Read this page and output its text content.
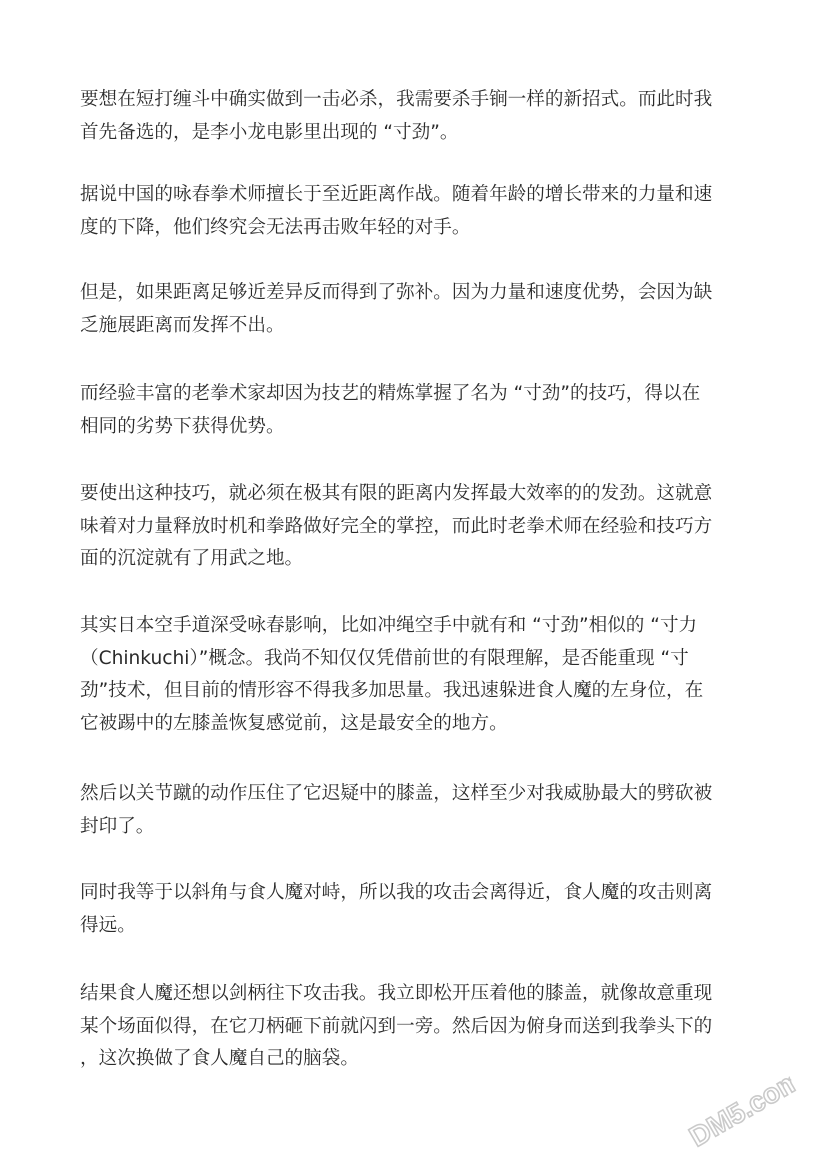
要想在短打缠斗中确实做到一击必杀，我需要杀手锏一样的新招式。而此时我
首先备选的，是李小龙电影里出现的 “寸劲”。

据说中国的咏春拳术师擅长于至近距离作战。随着年龄的增长带来的力量和速
度的下降，他们终究会无法再击败年轻的对手。

但是，如果距离足够近差异反而得到了弥补。因为力量和速度优势，会因为缺
乏施展距离而发挥不出。

而经验丰富的老拳术家却因为技艺的精炼掌握了名为 “寸劲”的技巧，得以在
相同的劣势下获得优势。

要使出这种技巧，就必须在极其有限的距离内发挥最大效率的的发劲。这就意
味着对力量释放时机和拳路做好完全的掌控，而此时老拳术师在经验和技巧方
面的沉淀就有了用武之地。

其实日本空手道深受咏春影响，比如冲绳空手中就有和 “寸劲”相似的 “寸力
（Chinkuchi）”概念。我尚不知仅仅凭借前世的有限理解，是否能重现 “寸
劲”技术，但目前的情形容不得我多加思量。我迅速躲进食人魔的左身位，在
它被踢中的左膝盖恢复感觉前，这是最安全的地方。

然后以关节蹴的动作压住了它迟疑中的膝盖，这样至少对我威胁最大的劈砍被
封印了。

同时我等于以斜角与食人魔对峙，所以我的攻击会离得近，食人魔的攻击则离
得远。

结果食人魔还想以剑柄往下攻击我。我立即松开压着他的膝盖，就像故意重现
某个场面似得，在它刀柄砸下前就闪到一旁。然后因为俯身而送到我拳头下的
，这次换做了食人魔自己的脑袋。

DM5.com
